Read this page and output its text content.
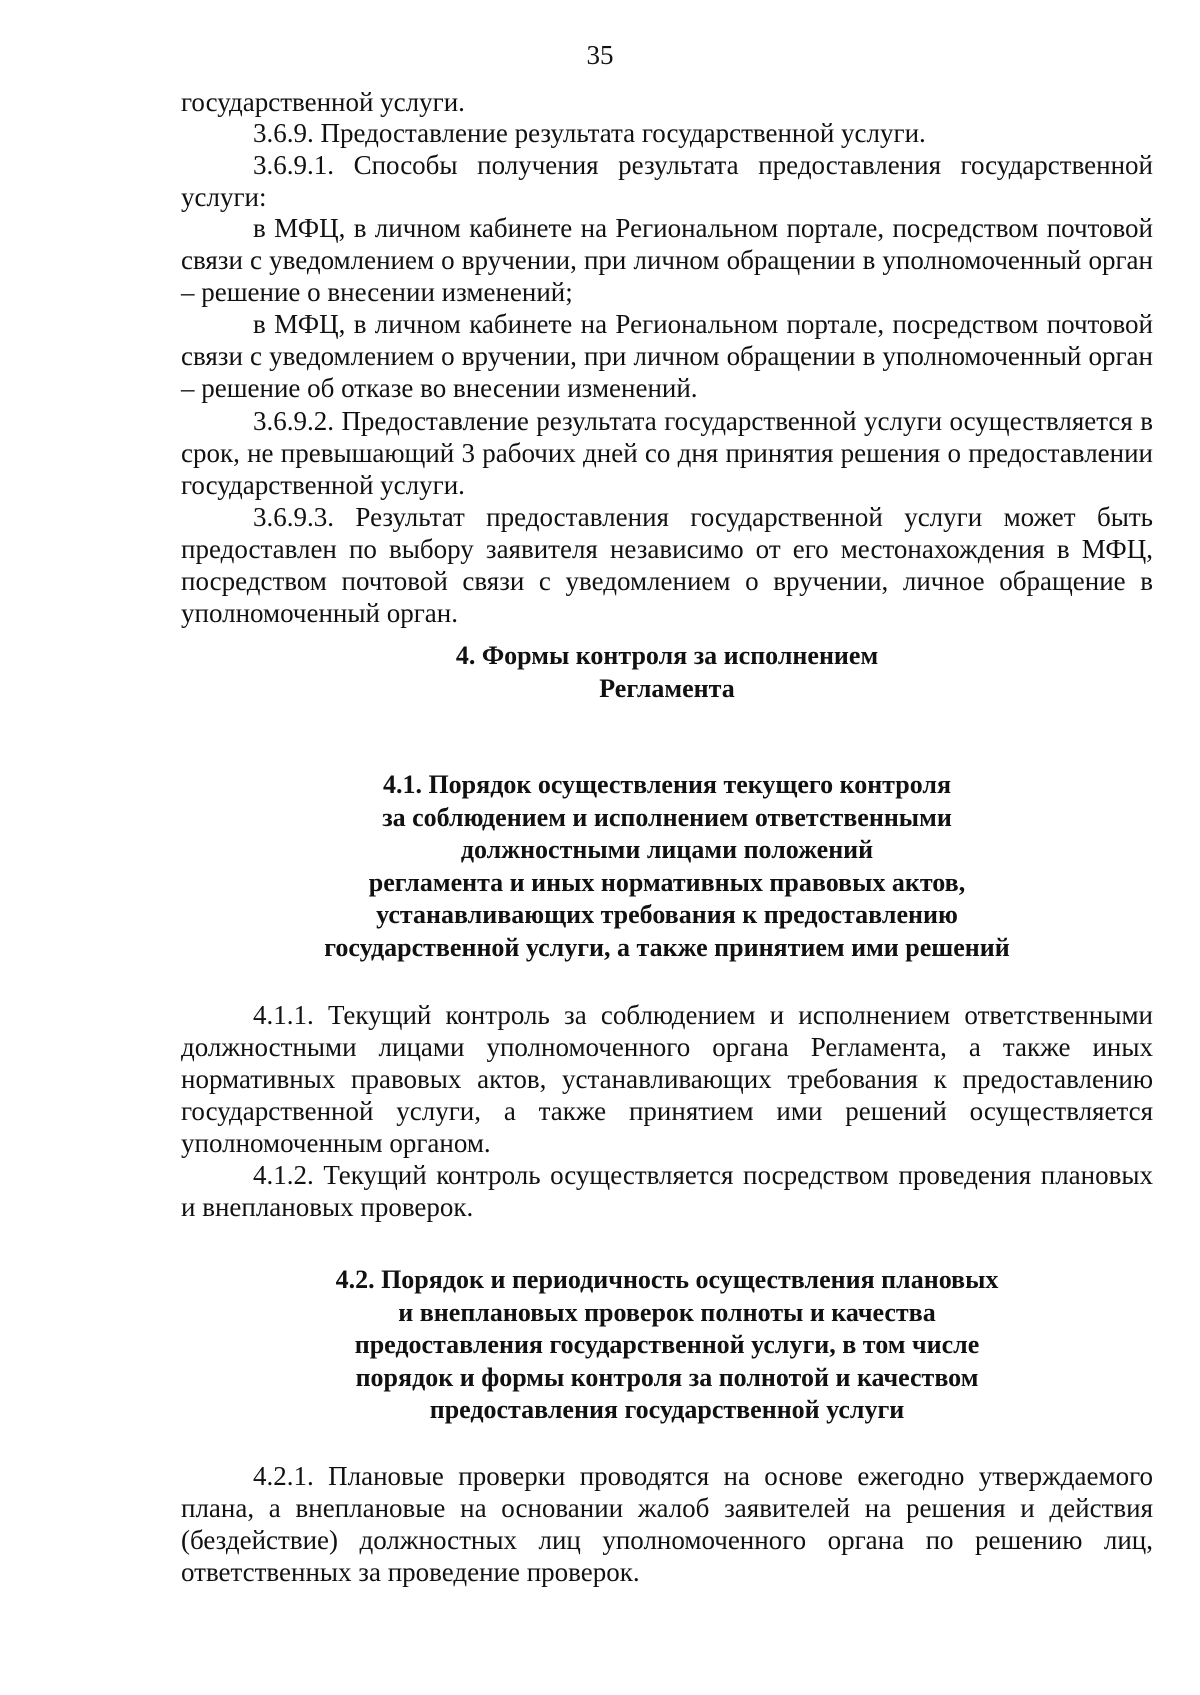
35

государственной услуги.

3.6.9. Предоставление результата государственной услуги.

3.6.9.1. Способы получения результата предоставления государственной услуги:

в МФЦ, в личном кабинете на Региональном портале, посредством почтовой связи с уведомлением о вручении, при личном обращении в уполномоченный орган – решение о внесении изменений;

в МФЦ, в личном кабинете на Региональном портале, посредством почтовой связи с уведомлением о вручении, при личном обращении в уполномоченный орган – решение об отказе во внесении изменений.

3.6.9.2. Предоставление результата государственной услуги осуществляется в срок, не превышающий 3 рабочих дней со дня принятия решения о предоставлении государственной услуги.

3.6.9.3. Результат предоставления государственной услуги может быть предоставлен по выбору заявителя независимо от его местонахождения в МФЦ, посредством почтовой связи с уведомлением о вручении, личное обращение в уполномоченный орган.

4. Формы контроля за исполнением
Регламента
4.1. Порядок осуществления текущего контроля
за соблюдением и исполнением ответственными
должностными лицами положений
регламента и иных нормативных правовых актов,
устанавливающих требования к предоставлению
государственной услуги, а также принятием ими решений

4.1.1. Текущий контроль за соблюдением и исполнением ответственными должностными лицами уполномоченного органа Регламента, а также иных нормативных правовых актов, устанавливающих требования к предоставлению государственной услуги, а также принятием ими решений осуществляется уполномоченным органом.

4.1.2. Текущий контроль осуществляется посредством проведения плановых и внеплановых проверок.

4.2. Порядок и периодичность осуществления плановых
и внеплановых проверок полноты и качества
предоставления государственной услуги, в том числе
порядок и формы контроля за полнотой и качеством
предоставления государственной услуги

4.2.1. Плановые проверки проводятся на основе ежегодно утверждаемого плана, а внеплановые на основании жалоб заявителей на решения и действия (бездействие) должностных лиц уполномоченного органа по решению лиц, ответственных за проведение проверок.
